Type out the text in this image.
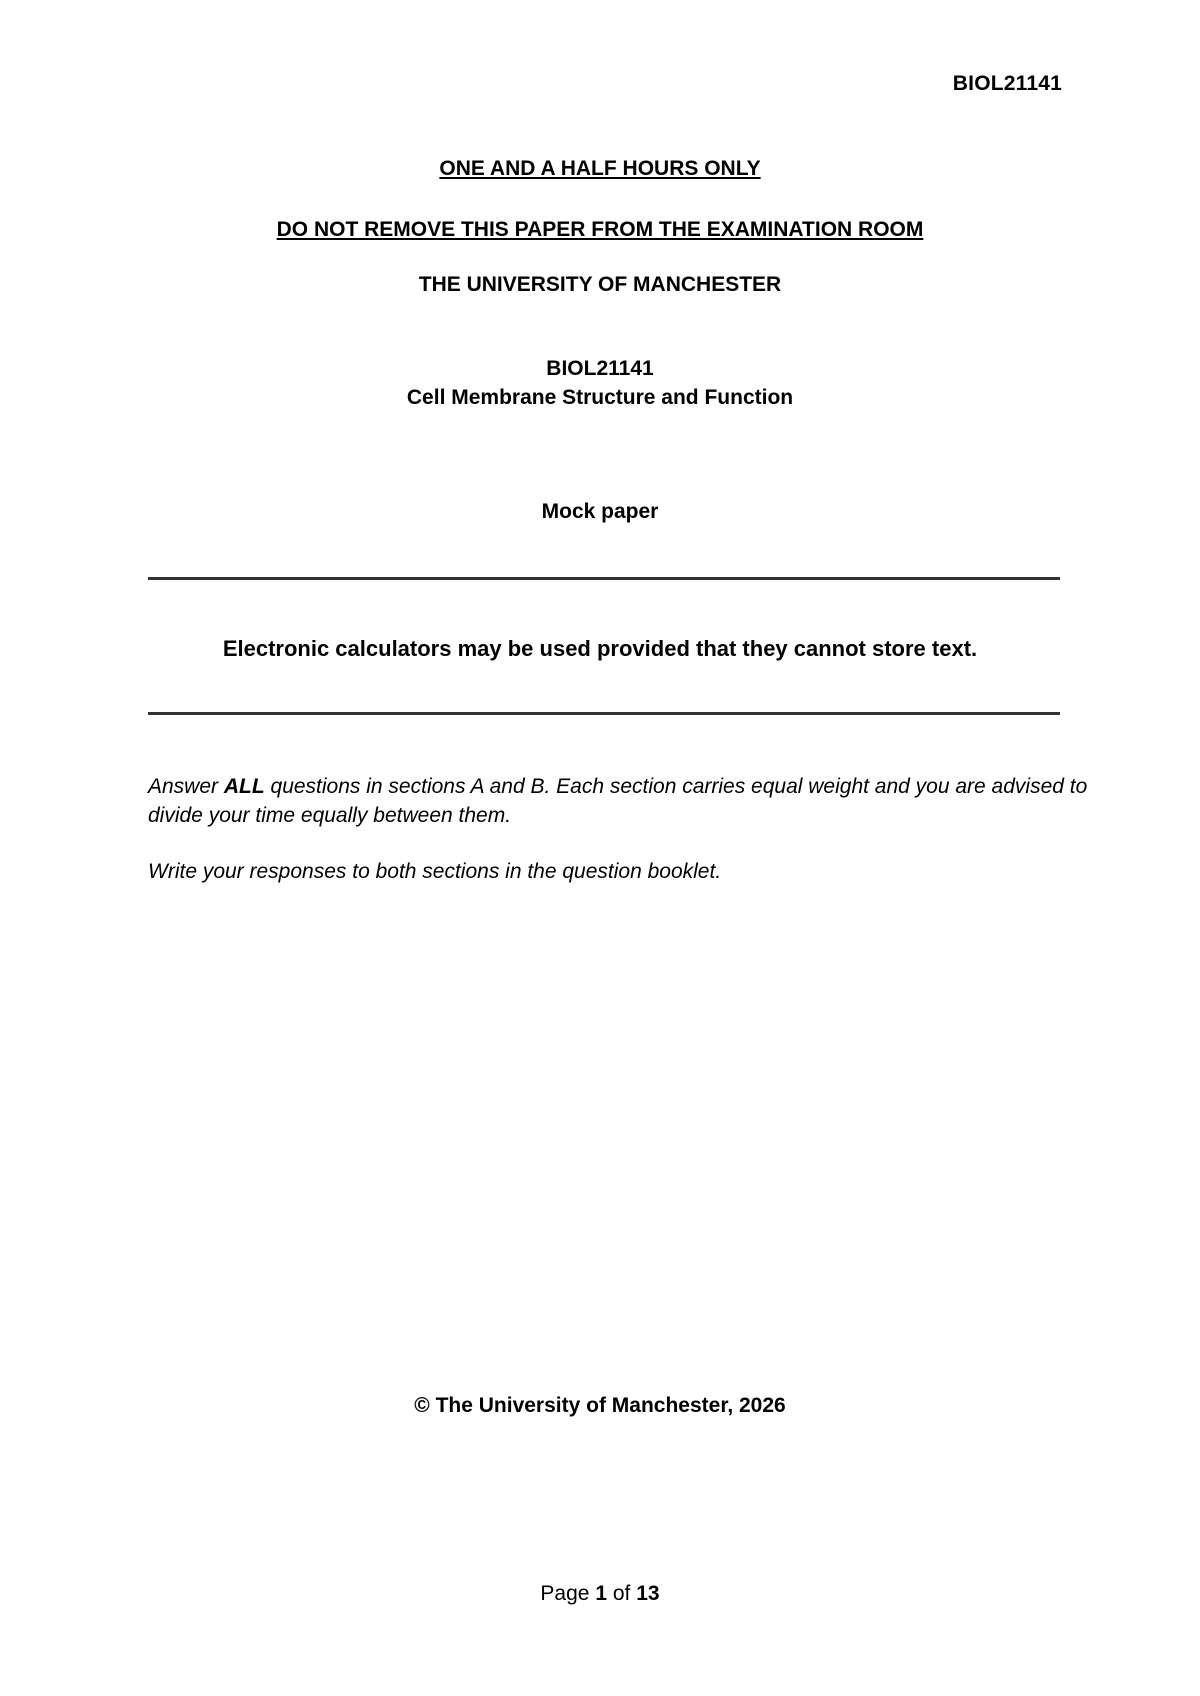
BIOL21141
ONE AND A HALF HOURS ONLY
DO NOT REMOVE THIS PAPER FROM THE EXAMINATION ROOM
THE UNIVERSITY OF MANCHESTER
BIOL21141
Cell Membrane Structure and Function
Mock paper
Electronic calculators may be used provided that they cannot store text.
Answer ALL questions in sections A and B. Each section carries equal weight and you are advised to divide your time equally between them.
Write your responses to both sections in the question booklet.
© The University of Manchester, 2026
Page 1 of 13
